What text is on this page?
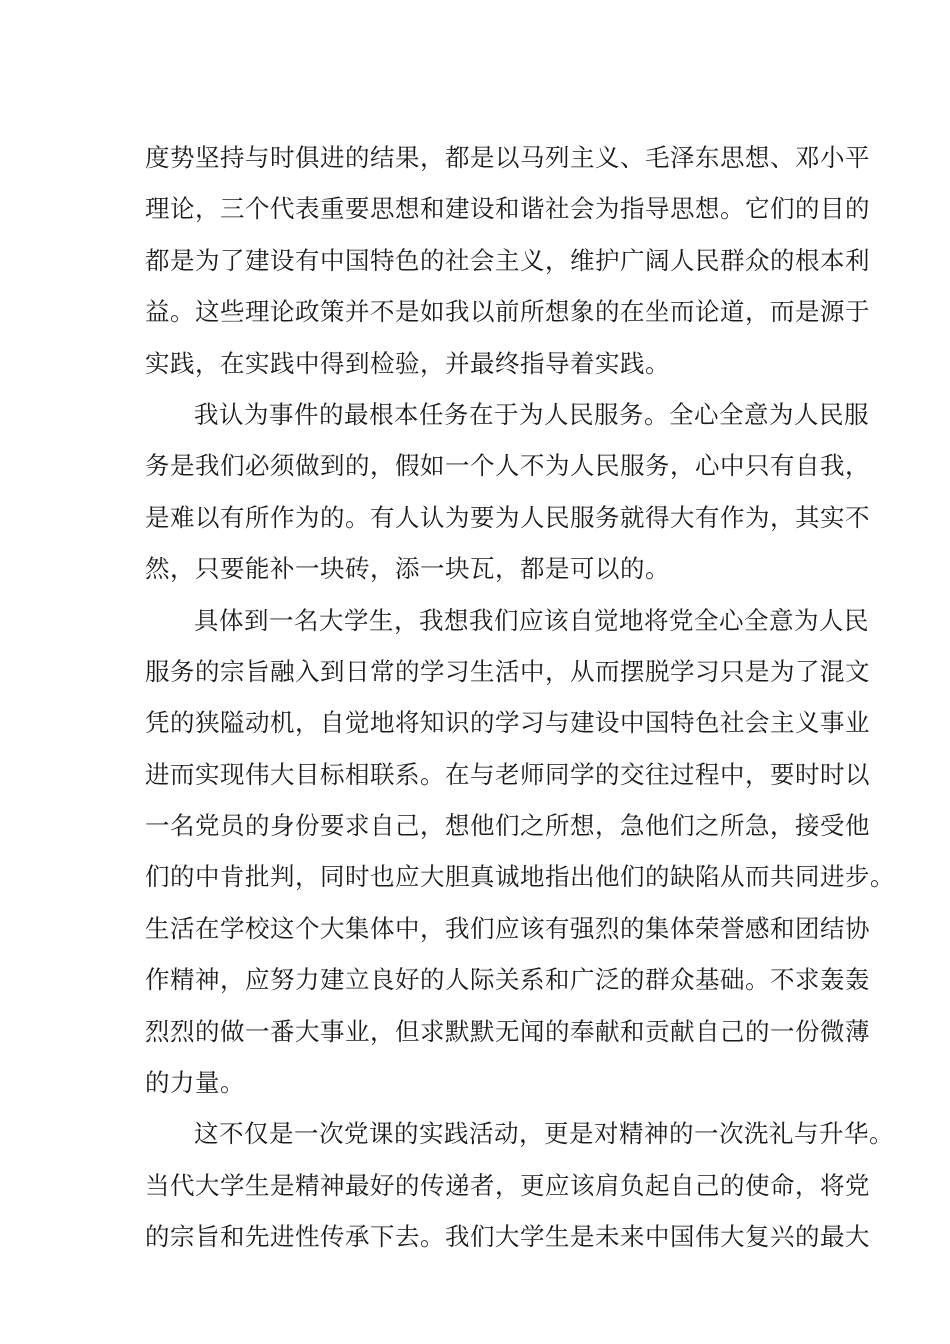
度势坚持与时俱进的结果，都是以马列主义、毛泽东思想、邓小平
理论，三个代表重要思想和建设和谐社会为指导思想。它们的目的
都是为了建设有中国特色的社会主义，维护广阔人民群众的根本利
益。这些理论政策并不是如我以前所想象的在坐而论道，而是源于
实践，在实践中得到检验，并最终指导着实践。
我认为事件的最根本任务在于为人民服务。全心全意为人民服
务是我们必须做到的，假如一个人不为人民服务，心中只有自我，
是难以有所作为的。有人认为要为人民服务就得大有作为，其实不
然，只要能补一块砖，添一块瓦，都是可以的。
具体到一名大学生，我想我们应该自觉地将党全心全意为人民
服务的宗旨融入到日常的学习生活中，从而摆脱学习只是为了混文
凭的狭隘动机，自觉地将知识的学习与建设中国特色社会主义事业
进而实现伟大目标相联系。在与老师同学的交往过程中，要时时以
一名党员的身份要求自己，想他们之所想，急他们之所急，接受他
们的中肯批判，同时也应大胆真诚地指出他们的缺陷从而共同进步。
生活在学校这个大集体中，我们应该有强烈的集体荣誉感和团结协
作精神，应努力建立良好的人际关系和广泛的群众基础。不求轰轰
烈烈的做一番大事业，但求默默无闻的奉献和贡献自己的一份微薄
的力量。
这不仅是一次党课的实践活动，更是对精神的一次洗礼与升华。
当代大学生是精神最好的传递者，更应该肩负起自己的使命，将党
的宗旨和先进性传承下去。我们大学生是未来中国伟大复兴的最大
